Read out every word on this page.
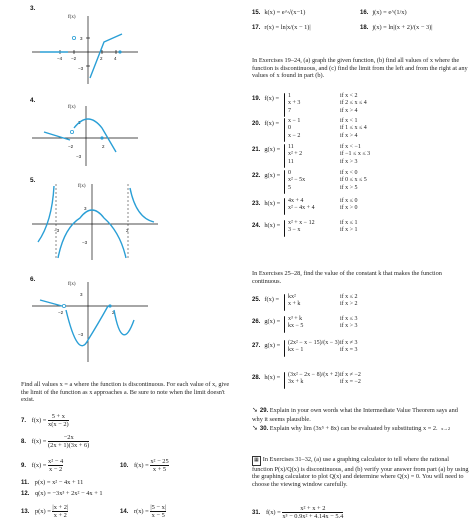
3.
−4 −2	2	4
3
−3
f(x)
4.
−2	2
3
−3
f(x)
5.
−3	2
3
−3
f(x)
6.
−2	2
3
−3
f(x)
Find all values x = a where the function is discontinuous. For each value of x, give the limit of the function as x approaches a. Be sure to note when the limit doesn't exist.
7. $f(x) = \frac{5 + x}{x(x - 2)}$
8. $f(x) = \frac{-2x}{(2x + 1)(3x + 6)}$
9. $f(x) = \frac{\text{x² − 4}}{x - 2}$	10. $f(x) = \frac{\text{x² − 25}}{x + 5}$
11. p(x) = x² − 4x + 11
12. q(x) = −3x³ + 2x² − 4x + 1
13. $p(x) = \frac{|x + 2|}{x + 2}$	14. $r(x) = \frac{|5 - x|}{x - 5}$
15. k(x) = e^√(x−1)	16. j(x) = e^(1/x)
17. r(x) = ln|x/(x − 1)|	18. j(x) = ln|(x + 2)/(x − 3)|
In Exercises 19–24, (a) graph the given function, (b) find all values of x where the function is discontinuous, and (c) find the limit from the left and from the right at any values of x found in part (b).
19. f(x) = 1	if x < 2
x + 3	if 2 ≤ x ≤ 4
7	if x > 4
20. f(x) = x − 1	if x < 1
0	if 1 ≤ x ≤ 4
x − 2	if x > 4
21. g(x) = 11	if x < −1
x² + 2	if −1 ≤ x ≤ 3
11	if x > 3
22. g(x) = 0	if x < 0
x² − 5x	if 0 ≤ x ≤ 5
5	if x > 5
23. h(x) = 4x + 4	if x ≤ 0
x² − 4x + 4	if x > 0
24. h(x) = x² + x − 12	if x ≤ 1
3 − x	if x > 1
In Exercises 25–28, find the value of the constant k that makes the function continuous.
25. f(x) = kx²	if x ≤ 2
x + k	if x > 2
26. g(x) = x³ + k	if x ≤ 3
kx − 5	if x > 3
27. g(x) = (2x² − x − 15)/(x − 3) if x ≠ 3
kx − 1	if x = 3
28. h(x) = (3x² − 2x − 8)/(x + 2) if x ≠ −2
3x + k	if x = −2
➘ 29. Explain in your own words what the Intermediate Value Theorem says and why it seems plausible.
➘ 30. Explain why lim (3x⁵ + 8x) can be evaluated by substituting x = 2. x→2
▦ In Exercises 31–32, (a) use a graphing calculator to tell where the rational function P(x)/Q(x) is discontinuous, and (b) verify your answer from part (a) by using the graphing calculator to plot Q(x) and determine where Q(x) = 0. You will need to choose the viewing window carefully.
31. $f(x) = \frac{\text{x² + x + 2}}{\text{x³ − 0.9x² + 4.14x − 5.4}}$
